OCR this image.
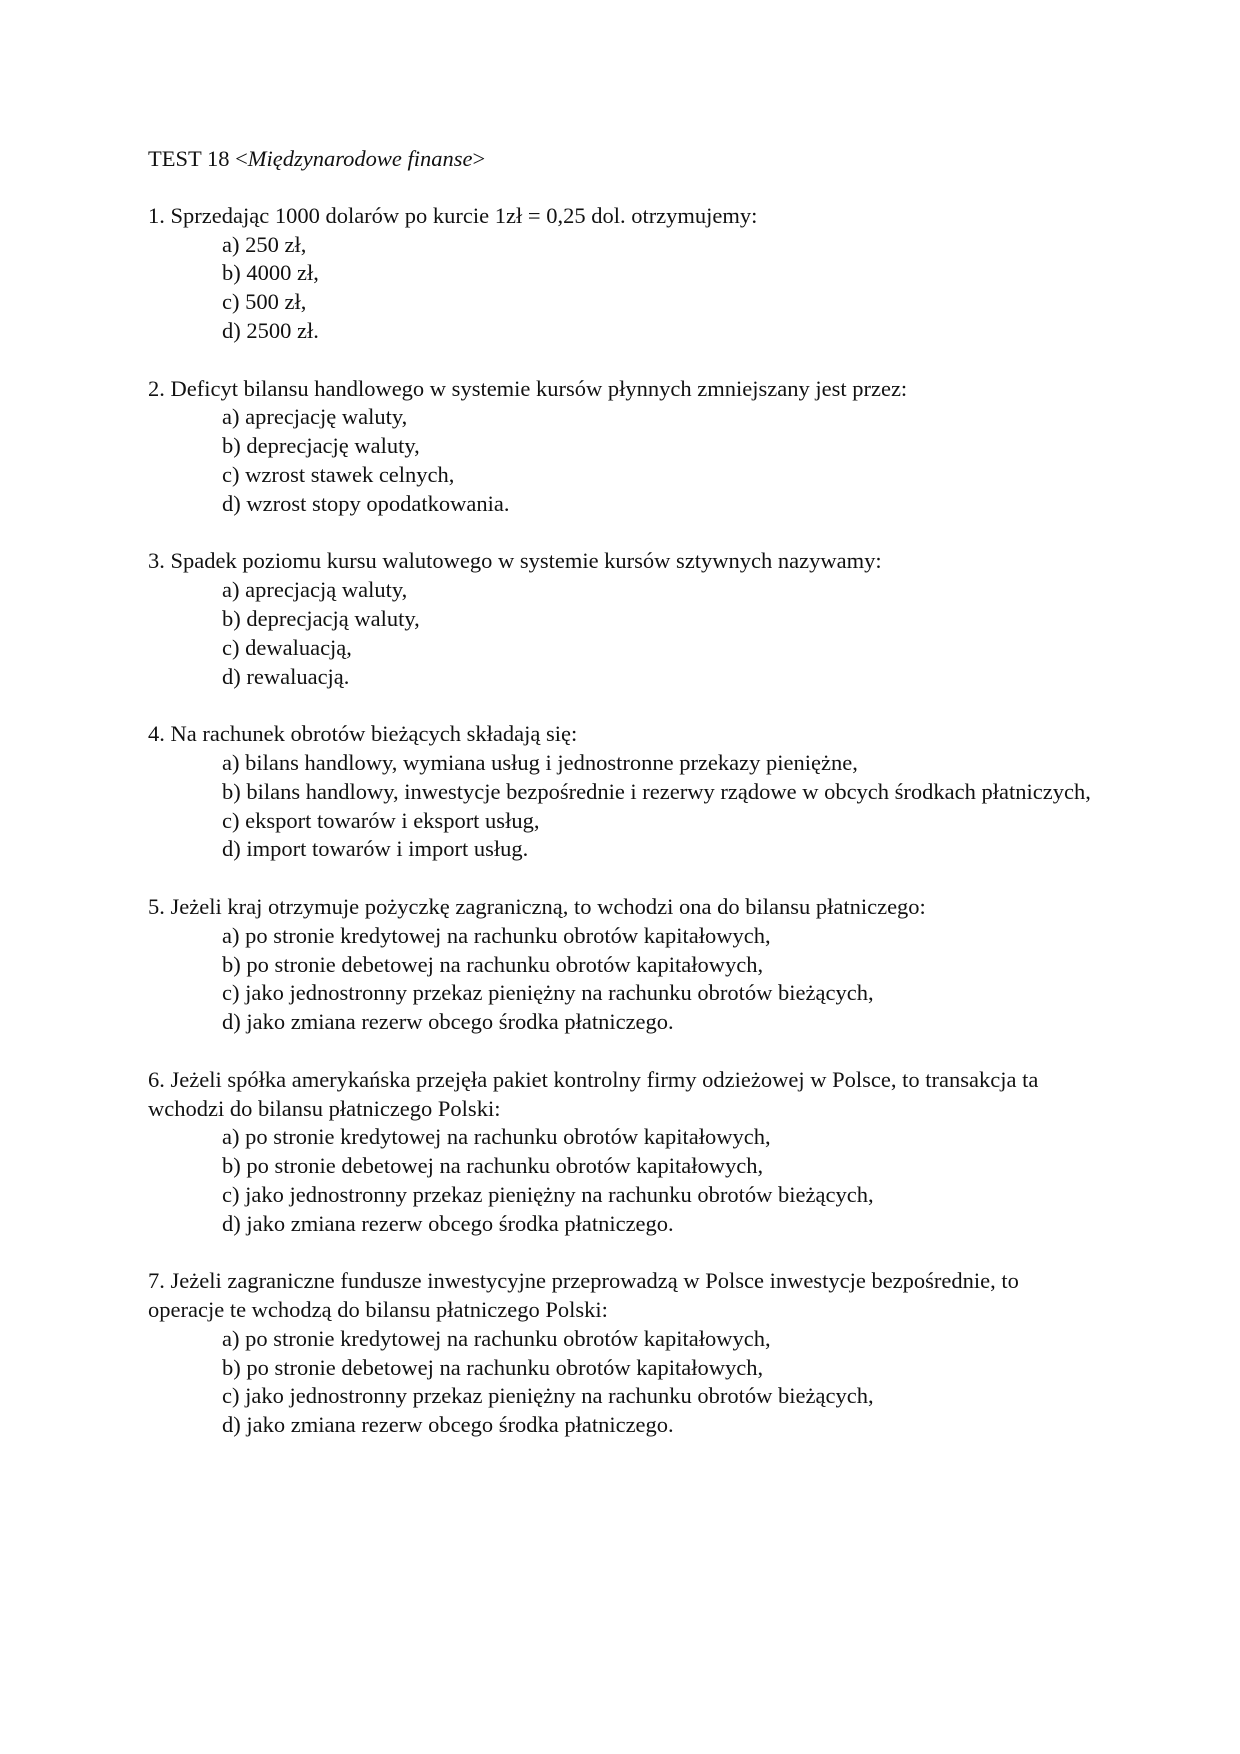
TEST 18 <Międzynarodowe finanse>

1. Sprzedając 1000 dolarów po kurcie 1zł = 0,25 dol. otrzymujemy:

a) 250 zł,
b) 4000 zł,
c) 500 zł,
d) 2500 zł.

2. Deficyt bilansu handlowego w systemie kursów płynnych zmniejszany jest przez:

a) aprecjację waluty,
b) deprecjację waluty,
c) wzrost stawek celnych,
d) wzrost stopy opodatkowania.

3. Spadek poziomu kursu walutowego w systemie kursów sztywnych nazywamy:

a) aprecjacją waluty,
b) deprecjacją waluty,
c) dewaluacją,
d) rewaluacją.

4. Na rachunek obrotów bieżących składają się:

a) bilans handlowy, wymiana usług i jednostronne przekazy pieniężne,
b) bilans handlowy, inwestycje bezpośrednie i rezerwy rządowe w obcych środkach płatniczych,
c) eksport towarów i eksport usług,
d) import towarów i import usług.

5. Jeżeli kraj otrzymuje pożyczkę zagraniczną, to wchodzi ona do bilansu płatniczego:

a) po stronie kredytowej na rachunku obrotów kapitałowych,
b) po stronie debetowej na rachunku obrotów kapitałowych,
c) jako jednostronny przekaz pieniężny na rachunku obrotów bieżących,
d) jako zmiana rezerw obcego środka płatniczego.

6. Jeżeli spółka amerykańska przejęła pakiet kontrolny firmy odzieżowej w Polsce, to transakcja ta wchodzi do bilansu płatniczego Polski:

a) po stronie kredytowej na rachunku obrotów kapitałowych,
b) po stronie debetowej na rachunku obrotów kapitałowych,
c) jako jednostronny przekaz pieniężny na rachunku obrotów bieżących,
d) jako zmiana rezerw obcego środka płatniczego.

7. Jeżeli zagraniczne fundusze inwestycyjne przeprowadzą w Polsce inwestycje bezpośrednie, to operacje te wchodzą do bilansu płatniczego Polski:

a) po stronie kredytowej na rachunku obrotów kapitałowych,
b) po stronie debetowej na rachunku obrotów kapitałowych,
c) jako jednostronny przekaz pieniężny na rachunku obrotów bieżących,
d) jako zmiana rezerw obcego środka płatniczego.
